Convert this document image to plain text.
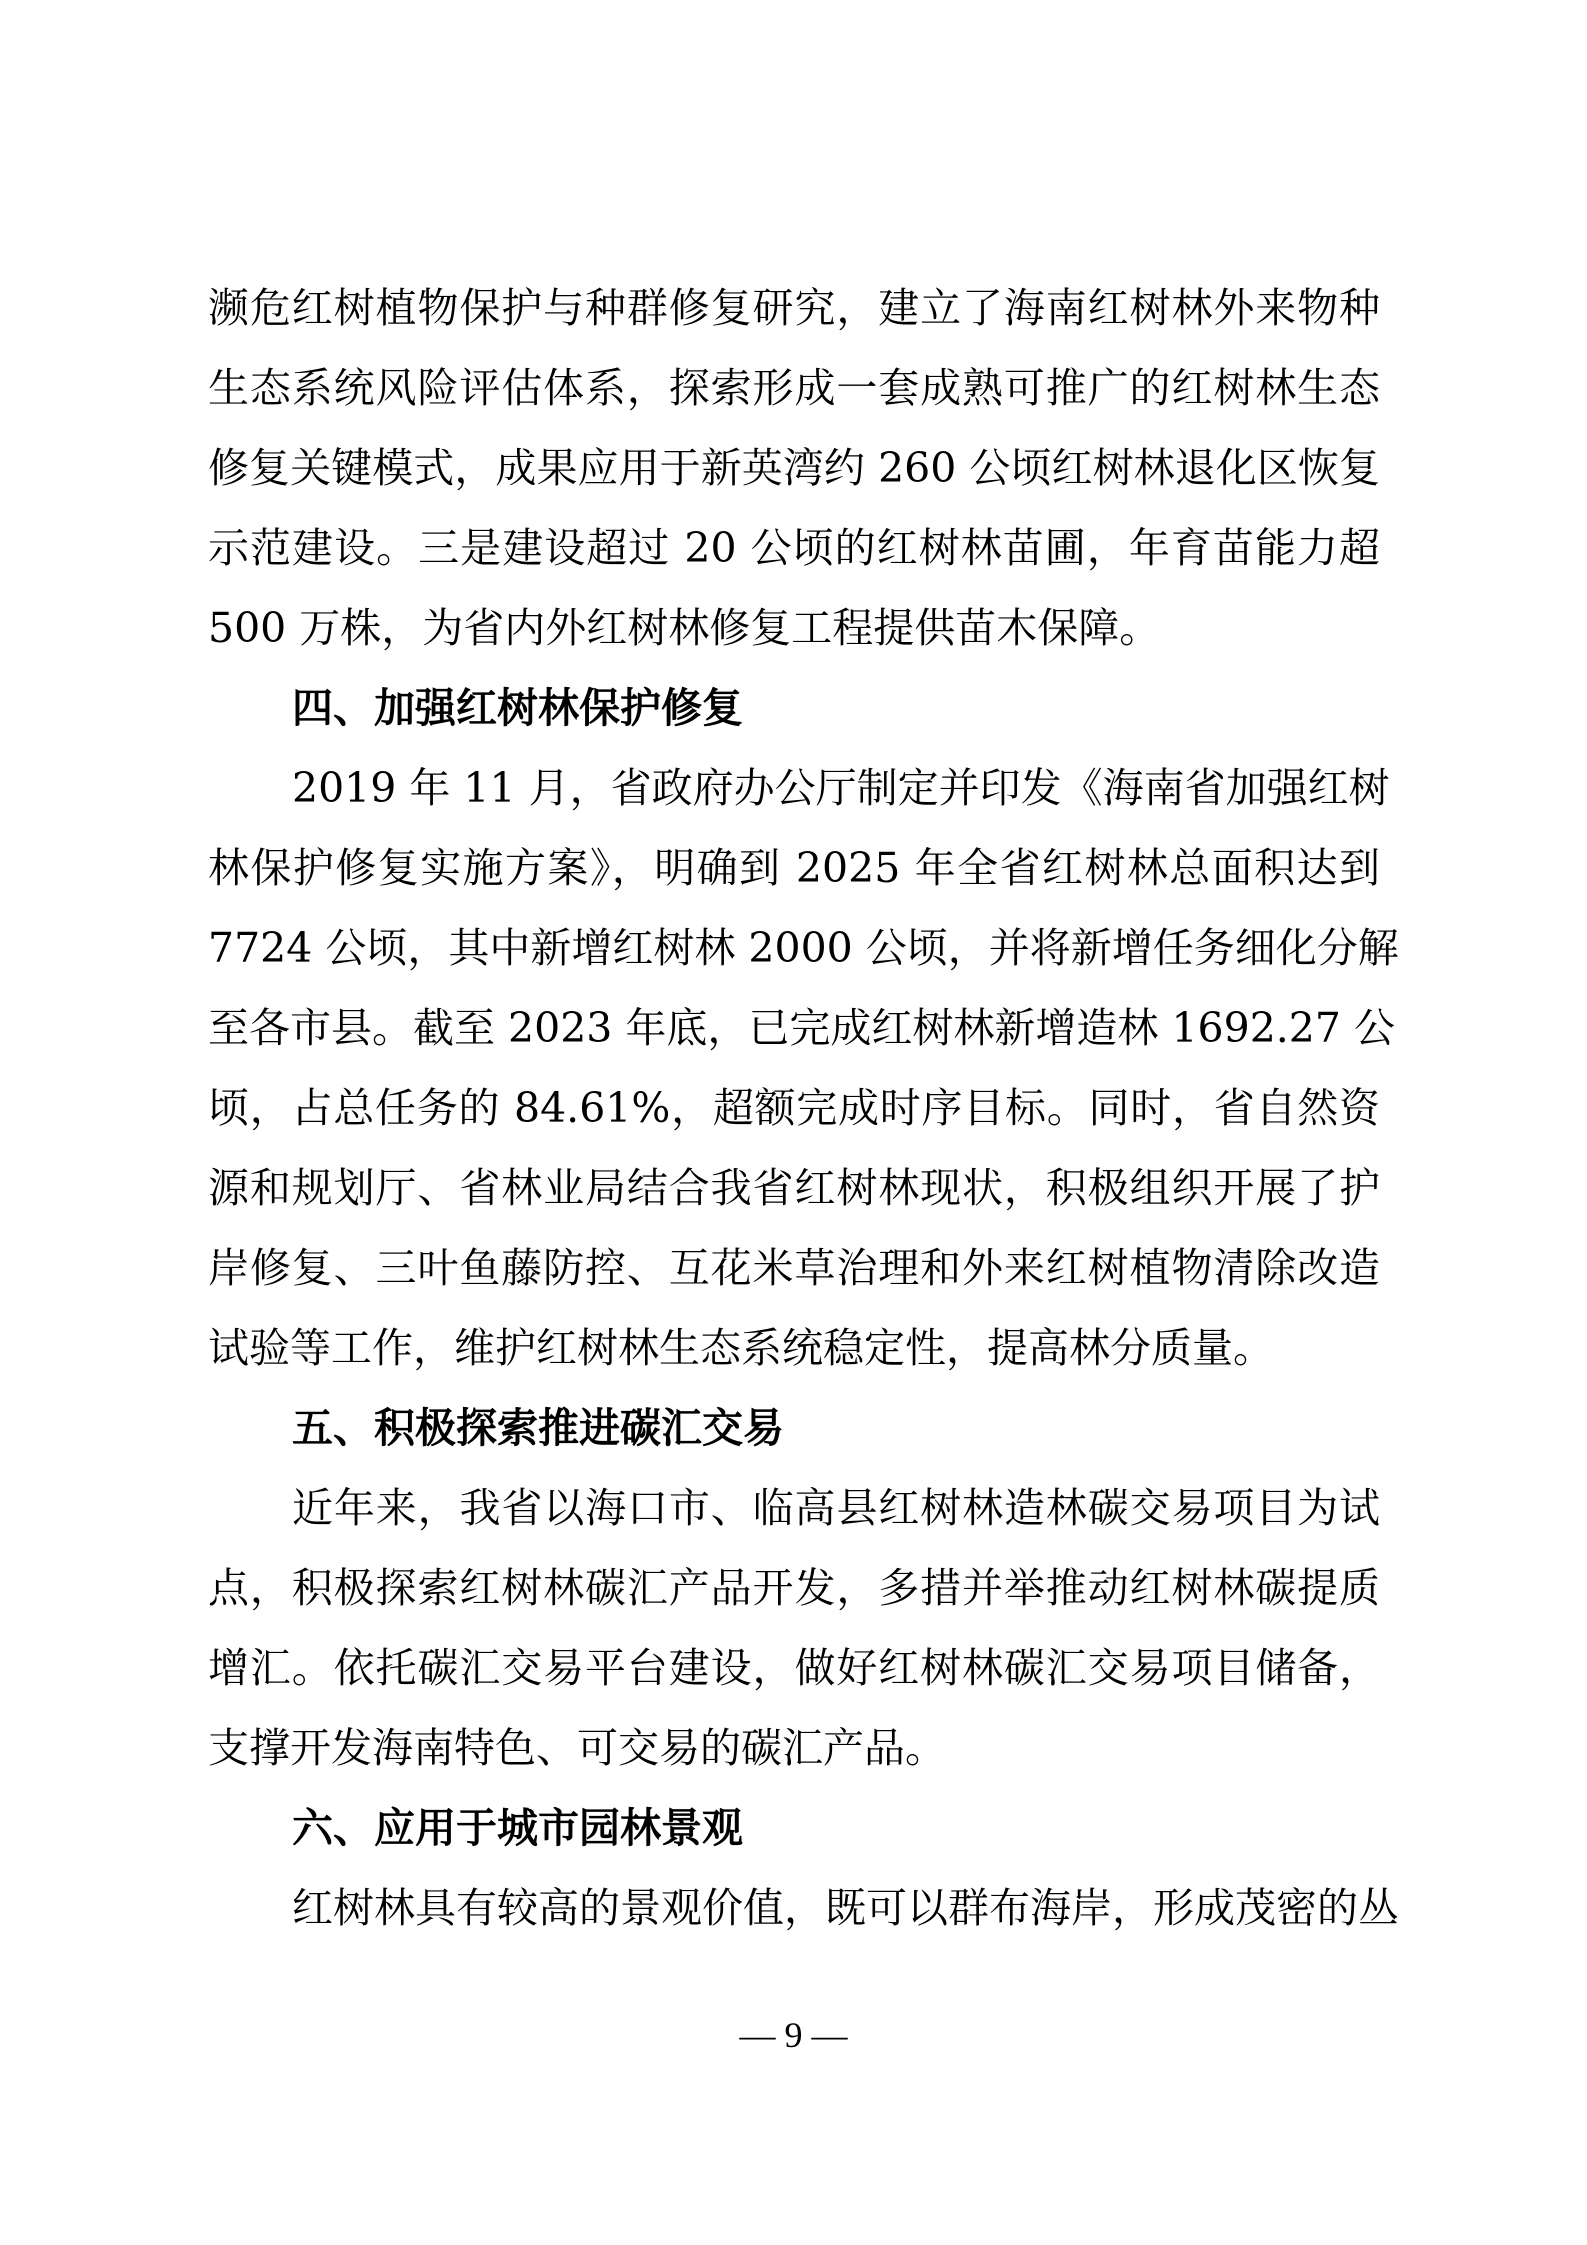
濒危红树植物保护与种群修复研究，建立了海南红树林外来物种
生态系统风险评估体系，探索形成一套成熟可推广的红树林生态
修复关键模式，成果应用于新英湾约 260 公顷红树林退化区恢复
示范建设。三是建设超过 20 公顷的红树林苗圃，年育苗能力超
500 万株，为省内外红树林修复工程提供苗木保障。
四、加强红树林保护修复
2019 年 11 月，省政府办公厅制定并印发《海南省加强红树
林保护修复实施方案》，明确到 2025 年全省红树林总面积达到
7724 公顷，其中新增红树林 2000 公顷，并将新增任务细化分解
至各市县。截至 2023 年底，已完成红树林新增造林 1692.27 公
顷，占总任务的 84.61%，超额完成时序目标。同时，省自然资
源和规划厅、省林业局结合我省红树林现状，积极组织开展了护
岸修复、三叶鱼藤防控、互花米草治理和外来红树植物清除改造
试验等工作，维护红树林生态系统稳定性，提高林分质量。
五、积极探索推进碳汇交易
近年来，我省以海口市、临高县红树林造林碳交易项目为试
点，积极探索红树林碳汇产品开发，多措并举推动红树林碳提质
增汇。依托碳汇交易平台建设，做好红树林碳汇交易项目储备，
支撑开发海南特色、可交易的碳汇产品。
六、应用于城市园林景观
红树林具有较高的景观价值，既可以群布海岸，形成茂密的丛
— 9 —
